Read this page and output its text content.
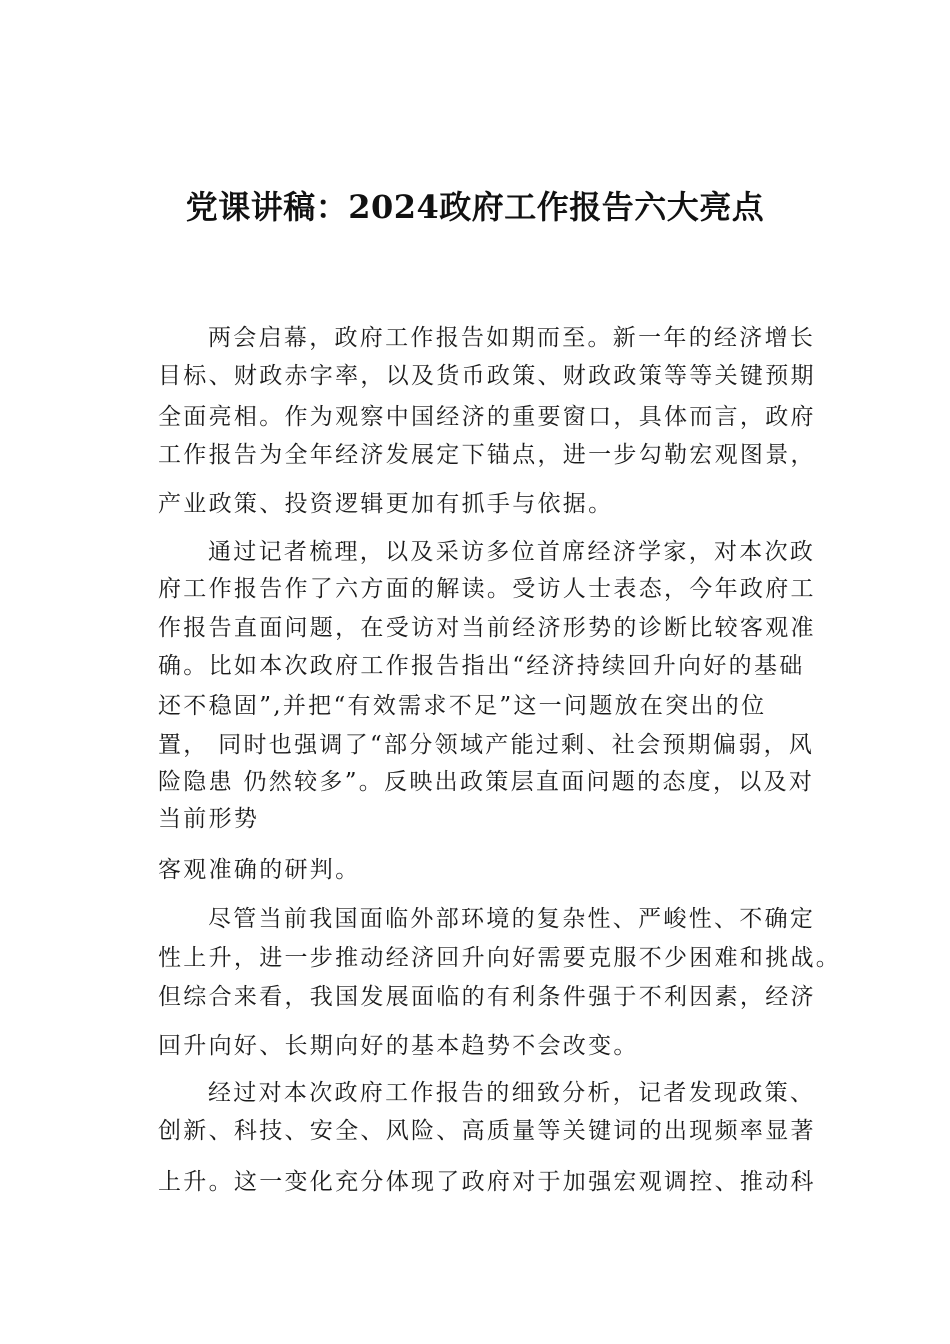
党课讲稿：2024政府工作报告六大亮点

两会启幕，政府工作报告如期而至。新一年的经济增长

目标、财政赤字率，以及货币政策、财政政策等等关键预期

全面亮相。作为观察中国经济的重要窗口，具体而言，政府

工作报告为全年经济发展定下锚点，进一步勾勒宏观图景，

产业政策、投资逻辑更加有抓手与依据。

通过记者梳理，以及采访多位首席经济学家，对本次政

府工作报告作了六方面的解读。受访人士表态，今年政府工

作报告直面问题，在受访对当前经济形势的诊断比较客观准

确。比如本次政府工作报告指出“经济持续回升向好的基础

还不稳固”,并把“有效需求不足”这一问题放在突出的位

置， 同时也强调了“部分领域产能过剩、社会预期偏弱，风

险隐患 仍然较多”。反映出政策层直面问题的态度，以及对

当前形势

客观准确的研判。

尽管当前我国面临外部环境的复杂性、严峻性、不确定

性上升，进一步推动经济回升向好需要克服不少困难和挑战。

但综合来看，我国发展面临的有利条件强于不利因素，经济

回升向好、长期向好的基本趋势不会改变。

经过对本次政府工作报告的细致分析，记者发现政策、

创新、科技、安全、风险、高质量等关键词的出现频率显著

上升。这一变化充分体现了政府对于加强宏观调控、推动科
